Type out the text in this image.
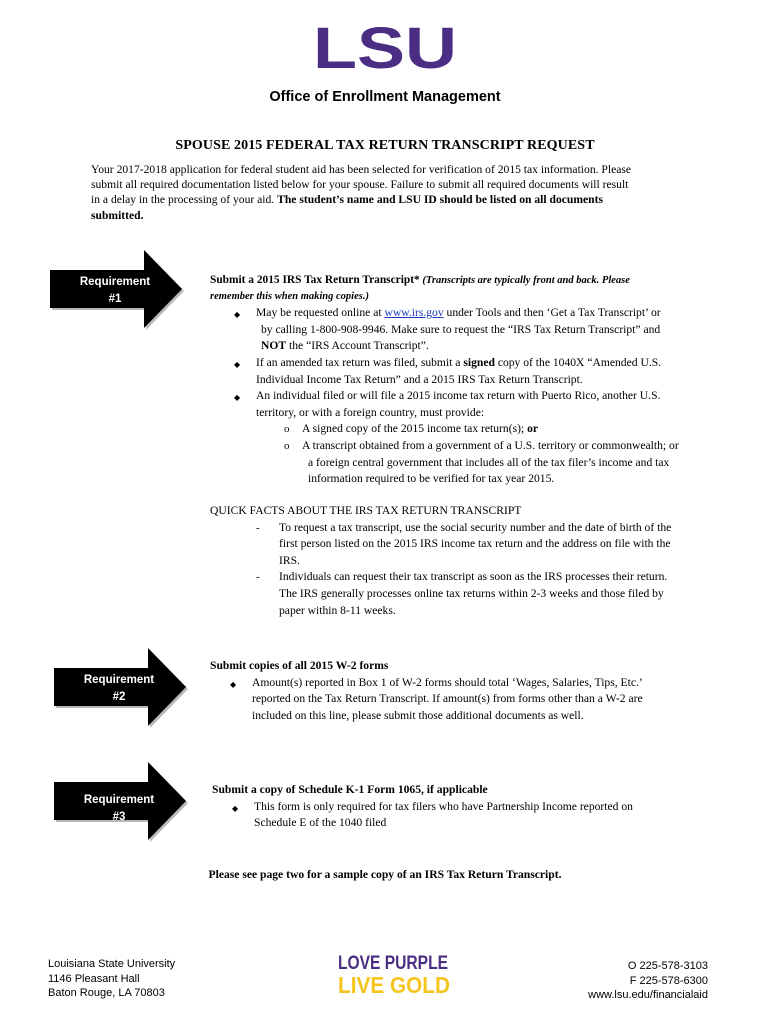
LSU
Office of Enrollment Management
SPOUSE 2015 FEDERAL TAX RETURN TRANSCRIPT REQUEST
Your 2017-2018 application for federal student aid has been selected for verification of 2015 tax information. Please
submit all required documentation listed below for your spouse. Failure to submit all required documents will result
in a delay in the processing of your aid. The student’s name and LSU ID should be listed on all documents
submitted.
Requirement
#1
Requirement
#2
Requirement
#3
Submit a 2015 IRS Tax Return Transcript* (Transcripts are typically front and back. Please
remember this when making copies.)
◆ May be requested online at www.irs.gov under Tools and then ‘Get a Tax Transcript’ or
by calling 1-800-908-9946. Make sure to request the “IRS Tax Return Transcript” and
NOT the “IRS Account Transcript”.
◆ If an amended tax return was filed, submit a signed copy of the 1040X “Amended U.S.
Individual Income Tax Return” and a 2015 IRS Tax Return Transcript.
◆ An individual filed or will file a 2015 income tax return with Puerto Rico, another U.S.
territory, or with a foreign country, must provide:
o A signed copy of the 2015 income tax return(s); or
o A transcript obtained from a government of a U.S. territory or commonwealth; or
a foreign central government that includes all of the tax filer’s income and tax
information required to be verified for tax year 2015.
QUICK FACTS ABOUT THE IRS TAX RETURN TRANSCRIPT
- To request a tax transcript, use the social security number and the date of birth of the
first person listed on the 2015 IRS income tax return and the address on file with the
IRS.
- Individuals can request their tax transcript as soon as the IRS processes their return.
The IRS generally processes online tax returns within 2-3 weeks and those filed by
paper within 8-11 weeks.
Submit copies of all 2015 W-2 forms
◆ Amount(s) reported in Box 1 of W-2 forms should total ‘Wages, Salaries, Tips, Etc.’
reported on the Tax Return Transcript. If amount(s) from forms other than a W-2 are
included on this line, please submit those additional documents as well.
Submit a copy of Schedule K-1 Form 1065, if applicable
◆ This form is only required for tax filers who have Partnership Income reported on
Schedule E of the 1040 filed
Please see page two for a sample copy of an IRS Tax Return Transcript.
Louisiana State University
1146 Pleasant Hall
Baton Rouge, LA 70803
LOVE PURPLE
LIVE GOLD
O 225-578-3103
F 225-578-6300
www.lsu.edu/financialaid
